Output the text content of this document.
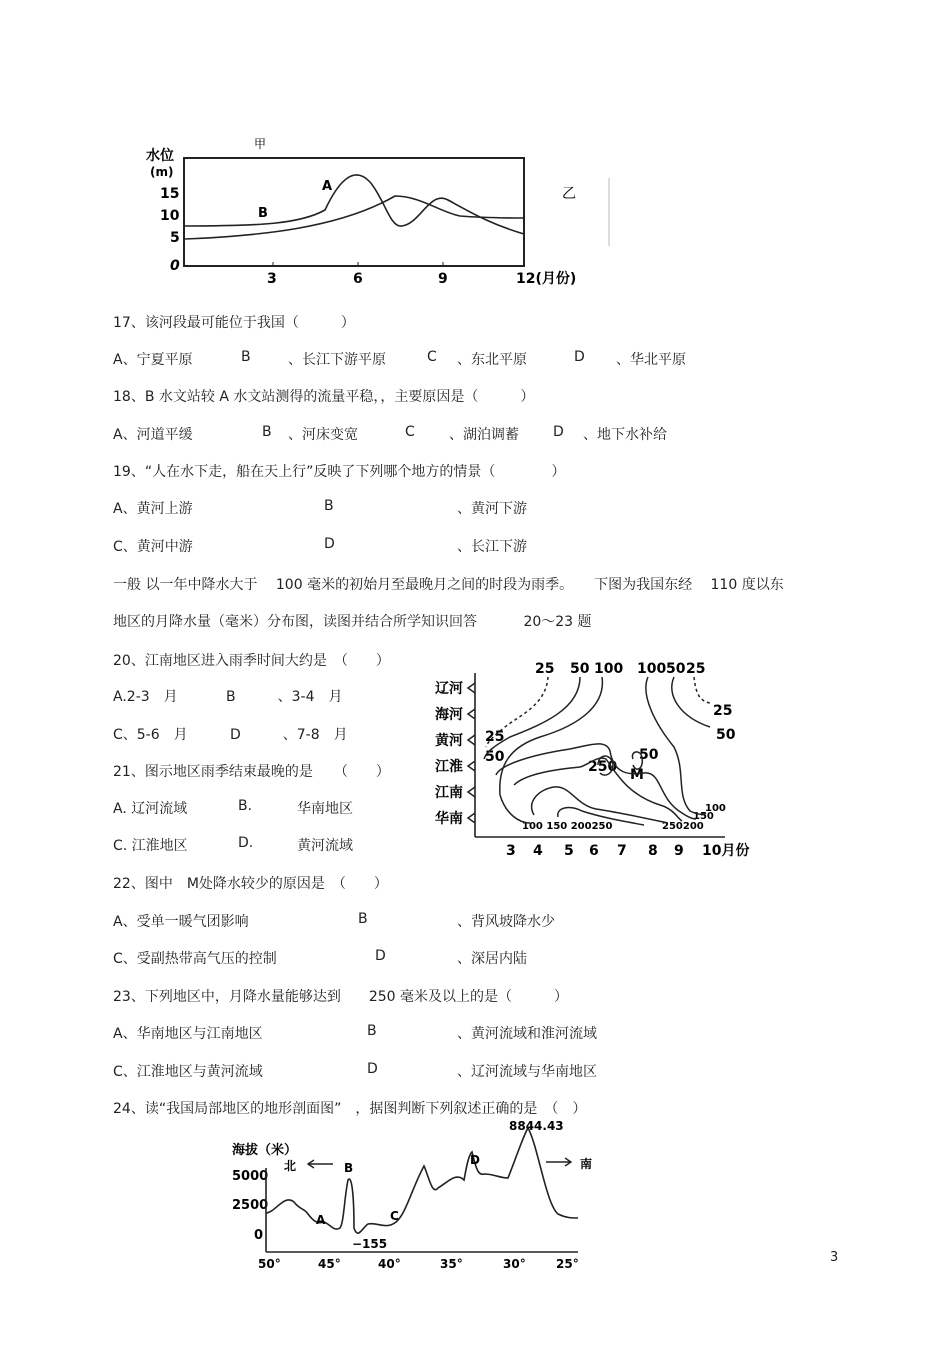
甲
水位
(m)
15
10
5
0
A
B
3	6	9	12(月份)
乙
17、该河段最可能位于我国（　　　）
A、宁夏平原	B	、长江下游平原	C 、东北平原	D 、华北平原
18、B 水文站较 A 水文站测得的流量平稳，，主要原因是（　　　）
A、河道平缓	B 、河床变宽	C 、湖泊调蓄 D 、地下水补给
19、“人在水下走，船在天上行”反映了下列哪个地方的情景（　　　　）
A、黄河上游	B	、黄河下游
C、黄河中游	D	、长江下游
一般 以一年中降水大于　 100 毫米的初始月至最晚月之间的时段为雨季。　　下图为我国东经　 110 度以东
地区的月降水量（毫米）分布图，读图并结合所学知识回答　　　 20～23 题
20、江南地区进入雨季时间大约是　（　　）
A.2-3　月	B　　　、3-4　月
C、5-6　月	D　　　、7-8　月
21、图示地区雨季结束最晚的是　　（　　）
A. 辽河流域	B.	华南地区
C. 江淮地区	D.	黄河流域
22、图中　M处降水较少的原因是　（　　）
A、受单一暖气团影响	B	、背风坡降水少
C、受副热带高气压的控制	D	、深居内陆
23、下列地区中，月降水量能够达到　　250 毫米及以上的是（　　　）
A、华南地区与江南地区	B	、黄河流域和淮河流域
C、江淮地区与黄河流域	D	、辽河流域与华南地区
24、读“我国局部地区的地形剖面图”　，据图判断下列叙述正确的是　（　）
辽河
海河
黄河
江淮
江南
华南
3 4 5 6 7 8 9 10月份
25 50 100 100 50 25
25
50
25
50
250
50
M
100 150 200250
100
150
250200
8844.43
海拔（米）
北	南
5000
2500
0
A
B
C
D
−155
50°	45°	40°	35°	30°	25°	3
